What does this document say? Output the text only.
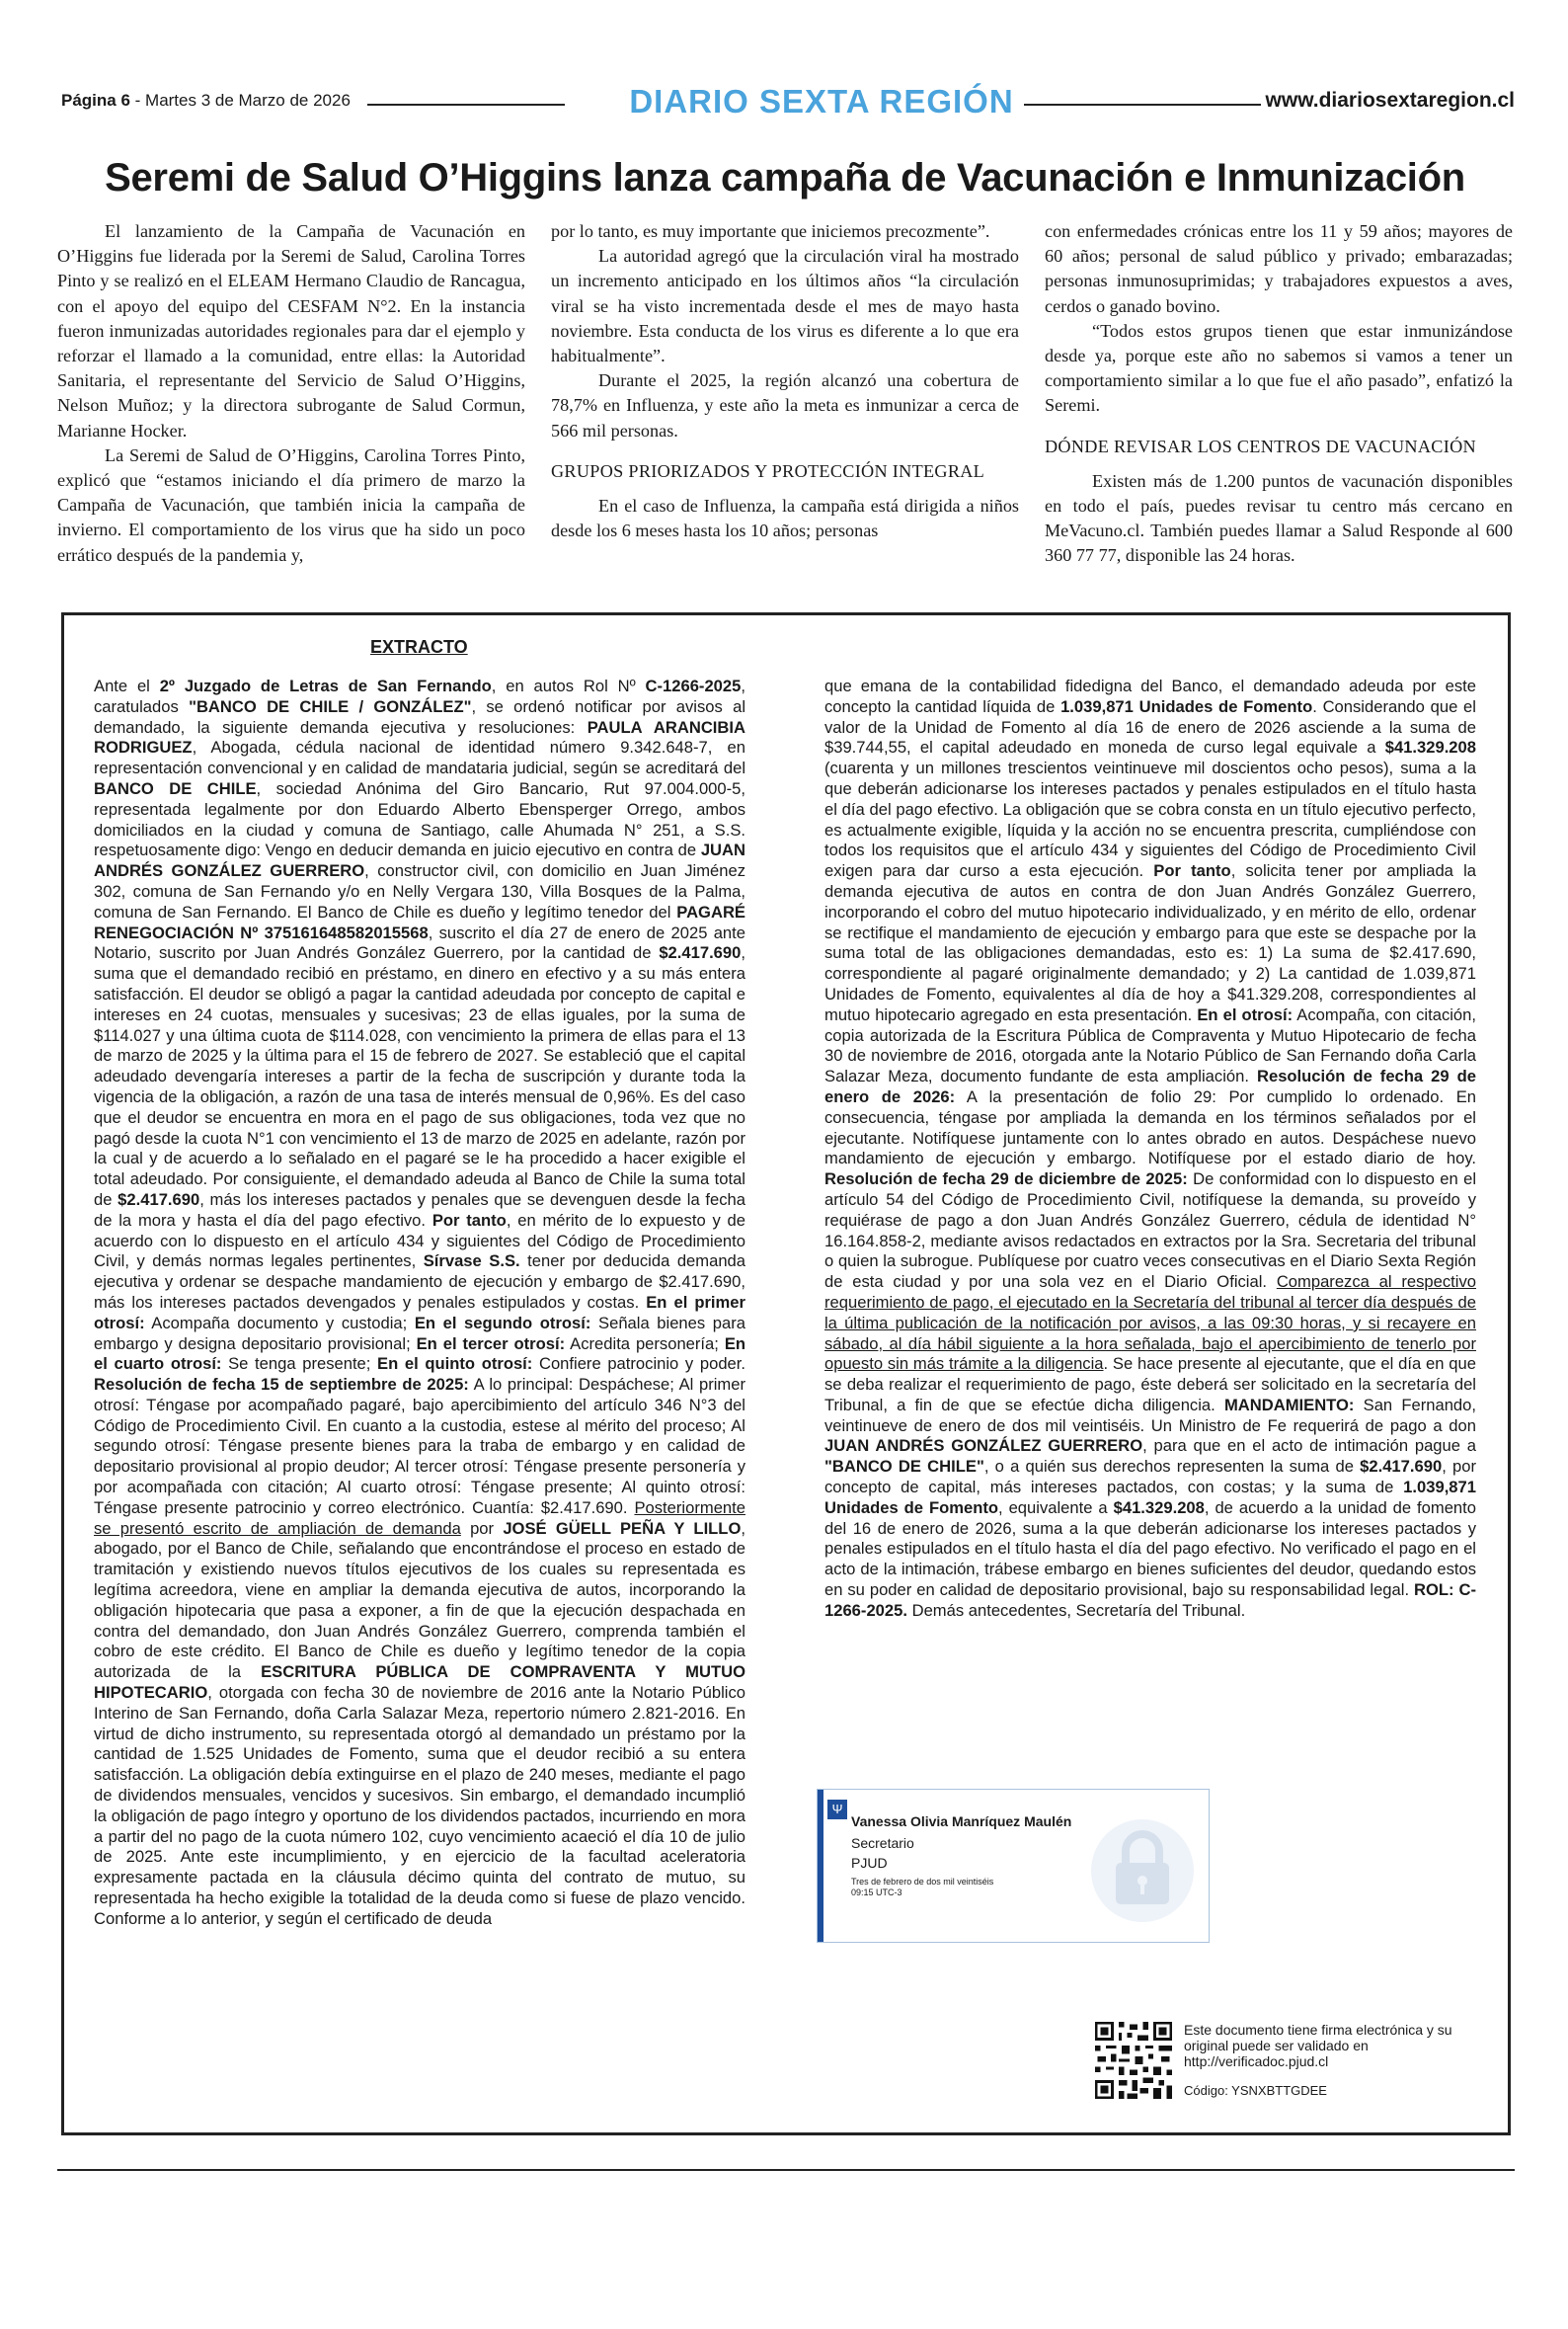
Página 6 - Martes 3 de Marzo de 2026	DIARIO SEXTA REGIÓN	www.diariosextaregion.cl
Seremi de Salud O’Higgins lanza campaña de Vacunación e Inmunización

El lanzamiento de la Campaña de Vacunación en O’Higgins fue liderada por la Seremi de Salud, Carolina Torres Pinto y se realizó en el ELEAM Hermano Claudio de Rancagua, con el apoyo del equipo del CESFAM N°2. En la instancia fueron inmunizadas autoridades regionales para dar el ejemplo y reforzar el llamado a la comunidad, entre ellas: la Autoridad Sanitaria, el representante del Servicio de Salud O’Higgins, Nelson Muñoz; y la directora subrogante de Salud Cormun, Marianne Hocker.

La Seremi de Salud de O’Higgins, Carolina Torres Pinto, explicó que “estamos iniciando el día primero de marzo la Campaña de Vacunación, que también inicia la campaña de invierno. El comportamiento de los virus que ha sido un poco errático después de la pandemia y,

por lo tanto, es muy importante que iniciemos precozmente”.

La autoridad agregó que la circulación viral ha mostrado un incremento anticipado en los últimos años “la circulación viral se ha visto incrementada desde el mes de mayo hasta noviembre. Esta conducta de los virus es diferente a lo que era habitualmente”.

Durante el 2025, la región alcanzó una cobertura de 78,7% en Influenza, y este año la meta es inmunizar a cerca de 566 mil personas.

GRUPOS PRIORIZADOS Y PROTECCIÓN INTEGRAL

En el caso de Influenza, la campaña está dirigida a niños desde los 6 meses hasta los 10 años; personas

con enfermedades crónicas entre los 11 y 59 años; mayores de 60 años; personal de salud público y privado; embarazadas; personas inmunosuprimidas; y trabajadores expuestos a aves, cerdos o ganado bovino.

“Todos estos grupos tienen que estar inmunizándose desde ya, porque este año no sabemos si vamos a tener un comportamiento similar a lo que fue el año pasado”, enfatizó la Seremi.

DÓNDE REVISAR LOS CENTROS DE VACUNACIÓN

Existen más de 1.200 puntos de vacunación disponibles en todo el país, puedes revisar tu centro más cercano en MeVacuno.cl. También puedes llamar a Salud Responde al 600 360 77 77, disponible las 24 horas.

EXTRACTO
Ante el 2º Juzgado de Letras de San Fernando, en autos Rol Nº C-1266-2025, caratulados "BANCO DE CHILE / GONZÁLEZ", se ordenó notificar por avisos al demandado, la siguiente demanda ejecutiva y resoluciones: PAULA ARANCIBIA RODRIGUEZ, Abogada, cédula nacional de identidad número 9.342.648-7, en representación convencional y en calidad de mandataria judicial, según se acreditará del BANCO DE CHILE, sociedad Anónima del Giro Bancario, Rut 97.004.000-5, representada legalmente por don Eduardo Alberto Ebensperger Orrego, ambos domiciliados en la ciudad y comuna de Santiago, calle Ahumada N° 251, a S.S. respetuosamente digo: Vengo en deducir demanda en juicio ejecutivo en contra de JUAN ANDRÉS GONZÁLEZ GUERRERO, constructor civil, con domicilio en Juan Jiménez 302, comuna de San Fernando y/o en Nelly Vergara 130, Villa Bosques de la Palma, comuna de San Fernando. El Banco de Chile es dueño y legítimo tenedor del PAGARÉ RENEGOCIACIÓN Nº 375161648582015568, suscrito el día 27 de enero de 2025 ante Notario, suscrito por Juan Andrés González Guerrero, por la cantidad de $2.417.690, suma que el demandado recibió en préstamo, en dinero en efectivo y a su más entera satisfacción. El deudor se obligó a pagar la cantidad adeudada por concepto de capital e intereses en 24 cuotas, mensuales y sucesivas; 23 de ellas iguales, por la suma de $114.027 y una última cuota de $114.028, con vencimiento la primera de ellas para el 13 de marzo de 2025 y la última para el 15 de febrero de 2027. Se estableció que el capital adeudado devengaría intereses a partir de la fecha de suscripción y durante toda la vigencia de la obligación, a razón de una tasa de interés mensual de 0,96%. Es del caso que el deudor se encuentra en mora en el pago de sus obligaciones, toda vez que no pagó desde la cuota N°1 con vencimiento el 13 de marzo de 2025 en adelante, razón por la cual y de acuerdo a lo señalado en el pagaré se le ha procedido a hacer exigible el total adeudado. Por consiguiente, el demandado adeuda al Banco de Chile la suma total de $2.417.690, más los intereses pactados y penales que se devenguen desde la fecha de la mora y hasta el día del pago efectivo. Por tanto, en mérito de lo expuesto y de acuerdo con lo dispuesto en el artículo 434 y siguientes del Código de Procedimiento Civil, y demás normas legales pertinentes, Sírvase S.S. tener por deducida demanda ejecutiva y ordenar se despache mandamiento de ejecución y embargo de $2.417.690, más los intereses pactados devengados y penales estipulados y costas. En el primer otrosí: Acompaña documento y custodia; En el segundo otrosí: Señala bienes para embargo y designa depositario provisional; En el tercer otrosí: Acredita personería; En el cuarto otrosí: Se tenga presente; En el quinto otrosí: Confiere patrocinio y poder. Resolución de fecha 15 de septiembre de 2025: A lo principal: Despáchese; Al primer otrosí: Téngase por acompañado pagaré, bajo apercibimiento del artículo 346 N°3 del Código de Procedimiento Civil. En cuanto a la custodia, estese al mérito del proceso; Al segundo otrosí: Téngase presente bienes para la traba de embargo y en calidad de depositario provisional al propio deudor; Al tercer otrosí: Téngase presente personería y por acompañada con citación; Al cuarto otrosí: Téngase presente; Al quinto otrosí: Téngase presente patrocinio y correo electrónico. Cuantía: $2.417.690. Posteriormente se presentó escrito de ampliación de demanda por JOSÉ GÜELL PEÑA Y LILLO, abogado, por el Banco de Chile, señalando que encontrándose el proceso en estado de tramitación y existiendo nuevos títulos ejecutivos de los cuales su representada es legítima acreedora, viene en ampliar la demanda ejecutiva de autos, incorporando la obligación hipotecaria que pasa a exponer, a fin de que la ejecución despachada en contra del demandado, don Juan Andrés González Guerrero, comprenda también el cobro de este crédito. El Banco de Chile es dueño y legítimo tenedor de la copia autorizada de la ESCRITURA PÚBLICA DE COMPRAVENTA Y MUTUO HIPOTECARIO, otorgada con fecha 30 de noviembre de 2016 ante la Notario Público Interino de San Fernando, doña Carla Salazar Meza, repertorio número 2.821-2016. En virtud de dicho instrumento, su representada otorgó al demandado un préstamo por la cantidad de 1.525 Unidades de Fomento, suma que el deudor recibió a su entera satisfacción. La obligación debía extinguirse en el plazo de 240 meses, mediante el pago de dividendos mensuales, vencidos y sucesivos. Sin embargo, el demandado incumplió la obligación de pago íntegro y oportuno de los dividendos pactados, incurriendo en mora a partir del no pago de la cuota número 102, cuyo vencimiento acaeció el día 10 de julio de 2025. Ante este incumplimiento, y en ejercicio de la facultad aceleratoria expresamente pactada en la cláusula décimo quinta del contrato de mutuo, su representada ha hecho exigible la totalidad de la deuda como si fuese de plazo vencido. Conforme a lo anterior, y según el certificado de deuda
que emana de la contabilidad fidedigna del Banco, el demandado adeuda por este concepto la cantidad líquida de 1.039,871 Unidades de Fomento. Considerando que el valor de la Unidad de Fomento al día 16 de enero de 2026 asciende a la suma de $39.744,55, el capital adeudado en moneda de curso legal equivale a $41.329.208 (cuarenta y un millones trescientos veintinueve mil doscientos ocho pesos), suma a la que deberán adicionarse los intereses pactados y penales estipulados en el título hasta el día del pago efectivo. La obligación que se cobra consta en un título ejecutivo perfecto, es actualmente exigible, líquida y la acción no se encuentra prescrita, cumpliéndose con todos los requisitos que el artículo 434 y siguientes del Código de Procedimiento Civil exigen para dar curso a esta ejecución. Por tanto, solicita tener por ampliada la demanda ejecutiva de autos en contra de don Juan Andrés González Guerrero, incorporando el cobro del mutuo hipotecario individualizado, y en mérito de ello, ordenar se rectifique el mandamiento de ejecución y embargo para que este se despache por la suma total de las obligaciones demandadas, esto es: 1) La suma de $2.417.690, correspondiente al pagaré originalmente demandado; y 2) La cantidad de 1.039,871 Unidades de Fomento, equivalentes al día de hoy a $41.329.208, correspondientes al mutuo hipotecario agregado en esta presentación. En el otrosí: Acompaña, con citación, copia autorizada de la Escritura Pública de Compraventa y Mutuo Hipotecario de fecha 30 de noviembre de 2016, otorgada ante la Notario Público de San Fernando doña Carla Salazar Meza, documento fundante de esta ampliación. Resolución de fecha 29 de enero de 2026: A la presentación de folio 29: Por cumplido lo ordenado. En consecuencia, téngase por ampliada la demanda en los términos señalados por el ejecutante. Notifíquese juntamente con lo antes obrado en autos. Despáchese nuevo mandamiento de ejecución y embargo. Notifíquese por el estado diario de hoy. Resolución de fecha 29 de diciembre de 2025: De conformidad con lo dispuesto en el artículo 54 del Código de Procedimiento Civil, notifíquese la demanda, su proveído y requiérase de pago a don Juan Andrés González Guerrero, cédula de identidad N° 16.164.858-2, mediante avisos redactados en extractos por la Sra. Secretaria del tribunal o quien la subrogue. Publíquese por cuatro veces consecutivas en el Diario Sexta Región de esta ciudad y por una sola vez en el Diario Oficial. Comparezca al respectivo requerimiento de pago, el ejecutado en la Secretaría del tribunal al tercer día después de la última publicación de la notificación por avisos, a las 09:30 horas, y si recayere en sábado, al día hábil siguiente a la hora señalada, bajo el apercibimiento de tenerlo por opuesto sin más trámite a la diligencia. Se hace presente al ejecutante, que el día en que se deba realizar el requerimiento de pago, éste deberá ser solicitado en la secretaría del Tribunal, a fin de que se efectúe dicha diligencia. MANDAMIENTO: San Fernando, veintinueve de enero de dos mil veintiséis. Un Ministro de Fe requerirá de pago a don JUAN ANDRÉS GONZÁLEZ GUERRERO, para que en el acto de intimación pague a "BANCO DE CHILE", o a quién sus derechos representen la suma de $2.417.690, por concepto de capital, más intereses pactados, con costas; y la suma de 1.039,871 Unidades de Fomento, equivalente a $41.329.208, de acuerdo a la unidad de fomento del 16 de enero de 2026, suma a la que deberán adicionarse los intereses pactados y penales estipulados en el título hasta el día del pago efectivo. No verificado el pago en el acto de la intimación, trábese embargo en bienes suficientes del deudor, quedando estos en su poder en calidad de depositario provisional, bajo su responsabilidad legal. ROL: C-1266-2025. Demás antecedentes, Secretaría del Tribunal.
Ψ
Vanessa Olivia Manríquez Maulén
Secretario
PJUD
Tres de febrero de dos mil veintiséis
09:15 UTC-3
Este documento tiene firma electrónica y su original puede ser validado en http://verificadoc.pjud.cl
Código: YSNXBTTGDEE
